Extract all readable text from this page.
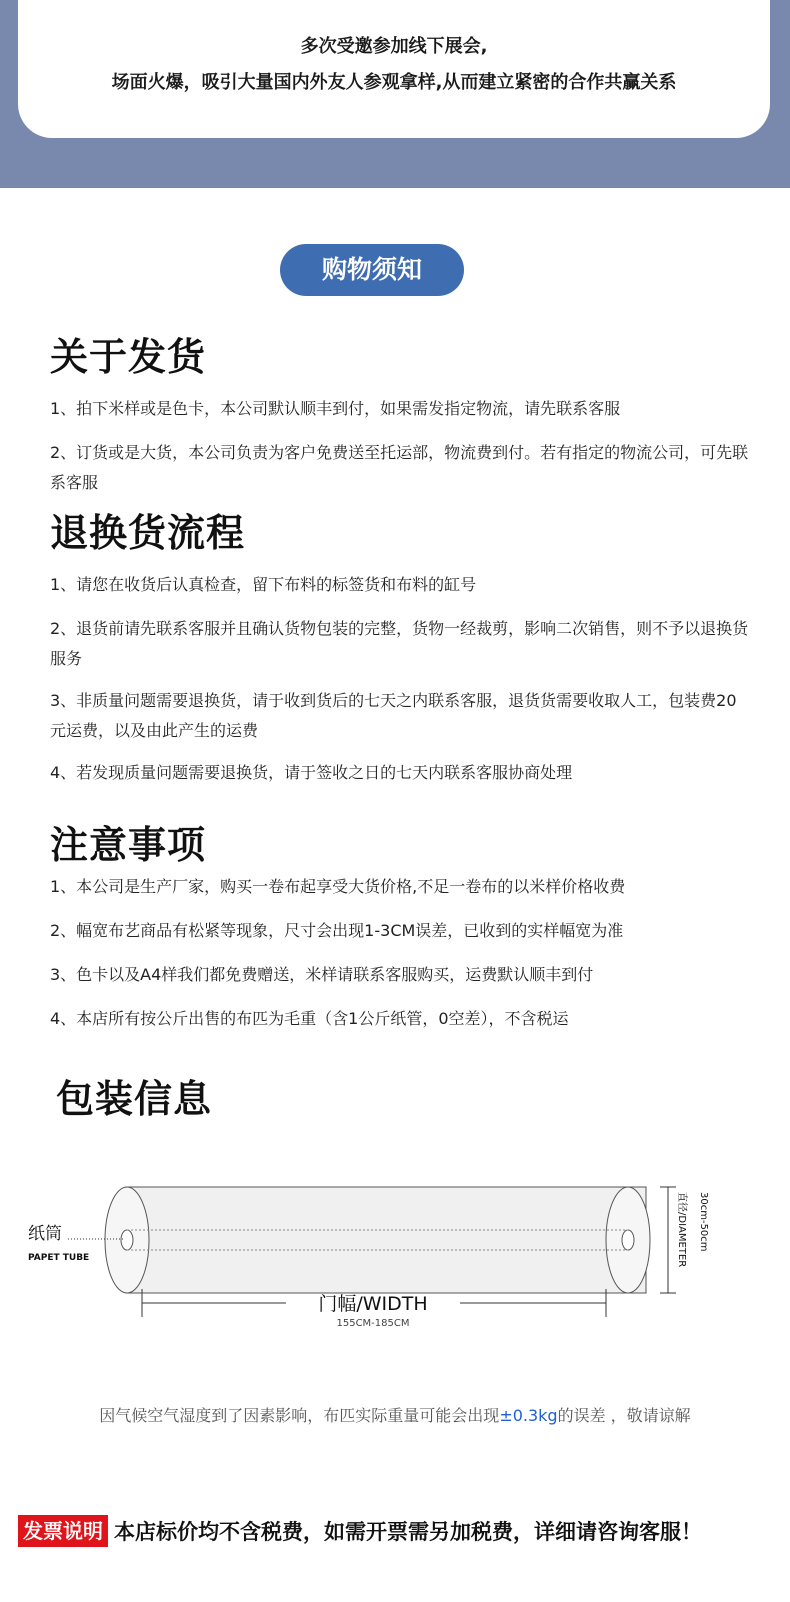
多次受邀参加线下展会,
场面火爆，吸引大量国内外友人参观拿样,从而建立紧密的合作共赢关系
购物须知
关于发货
1、拍下米样或是色卡，本公司默认顺丰到付，如果需发指定物流，请先联系客服
2、订货或是大货，本公司负责为客户免费送至托运部，物流费到付。若有指定的物流公司，可先联系客服
退换货流程
1、请您在收货后认真检查，留下布料的标签货和布料的缸号
2、退货前请先联系客服并且确认货物包装的完整，货物一经裁剪，影响二次销售，则不予以退换货服务
3、非质量问题需要退换货，请于收到货后的七天之内联系客服，退货货需要收取人工，包装费20元运费，以及由此产生的运费
4、若发现质量问题需要退换货，请于签收之日的七天内联系客服协商处理
注意事项
1、本公司是生产厂家，购买一卷布起享受大货价格,不足一卷布的以米样价格收费
2、幅宽布艺商品有松紧等现象，尺寸会出现1-3CM误差，已收到的实样幅宽为准
3、色卡以及A4样我们都免费赠送，米样请联系客服购买，运费默认顺丰到付
4、本店所有按公斤出售的布匹为毛重（含1公斤纸管，0空差），不含税运
包装信息
纸筒
PAPET TUBE	直径/DIAMETER 30cm-50cm
门幅/WIDTH
155CM-185CM
因气候空气湿度到了因素影响，布匹实际重量可能会出现±0.3kg的误差 ，敬请谅解
发票说明 本店标价均不含税费，如需开票需另加税费，详细请咨询客服！
